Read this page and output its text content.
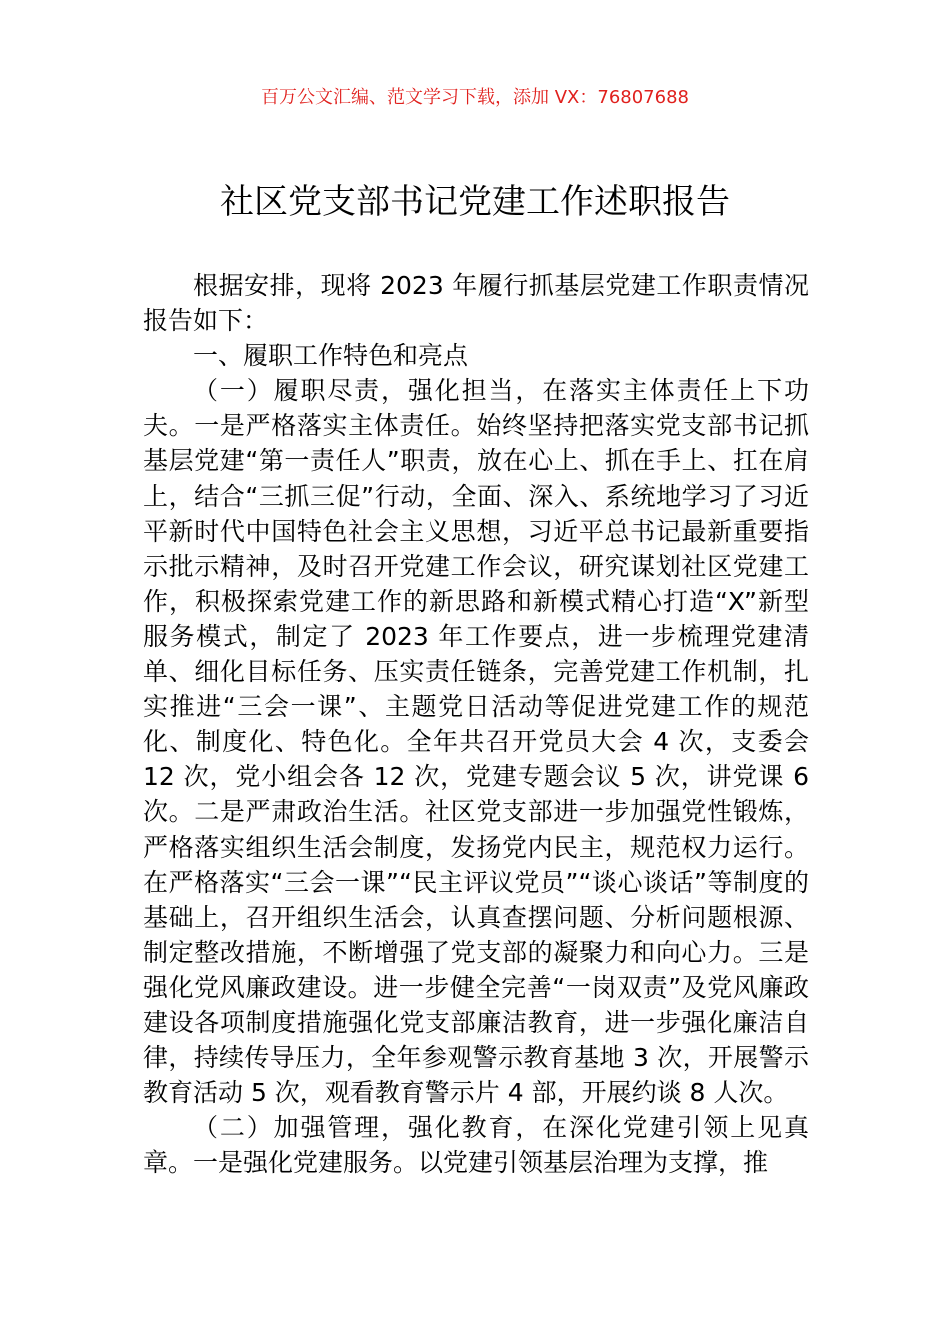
百万公文汇编、范文学习下载，添加 VX：76807688
社区党支部书记党建工作述职报告

根据安排，现将 2023 年履行抓基层党建工作职责情况报告如下：

一、履职工作特色和亮点

（一）履职尽责，强化担当，在落实主体责任上下功夫。一是严格落实主体责任。始终坚持把落实党支部书记抓基层党建“第一责任人”职责，放在心上、抓在手上、扛在肩上，结合“三抓三促”行动，全面、深入、系统地学习了习近平新时代中国特色社会主义思想，习近平总书记最新重要指示批示精神，及时召开党建工作会议，研究谋划社区党建工作，积极探索党建工作的新思路和新模式精心打造“X”新型服务模式，制定了 2023 年工作要点，进一步梳理党建清单、细化目标任务、压实责任链条，完善党建工作机制，扎实推进“三会一课”、主题党日活动等促进党建工作的规范化、制度化、特色化。全年共召开党员大会 4 次，支委会 12 次，党小组会各 12 次，党建专题会议 5 次，讲党课 6 次。二是严肃政治生活。社区党支部进一步加强党性锻炼，严格落实组织生活会制度，发扬党内民主，规范权力运行。在严格落实“三会一课”“民主评议党员”“谈心谈话”等制度的基础上，召开组织生活会，认真查摆问题、分析问题根源、制定整改措施，不断增强了党支部的凝聚力和向心力。三是强化党风廉政建设。进一步健全完善“一岗双责”及党风廉政建设各项制度措施强化党支部廉洁教育，进一步强化廉洁自律，持续传导压力，全年参观警示教育基地 3 次，开展警示教育活动 5 次，观看教育警示片 4 部，开展约谈 8 人次。

（二）加强管理，强化教育，在深化党建引领上见真章。一是强化党建服务。以党建引领基层治理为支撑，推
